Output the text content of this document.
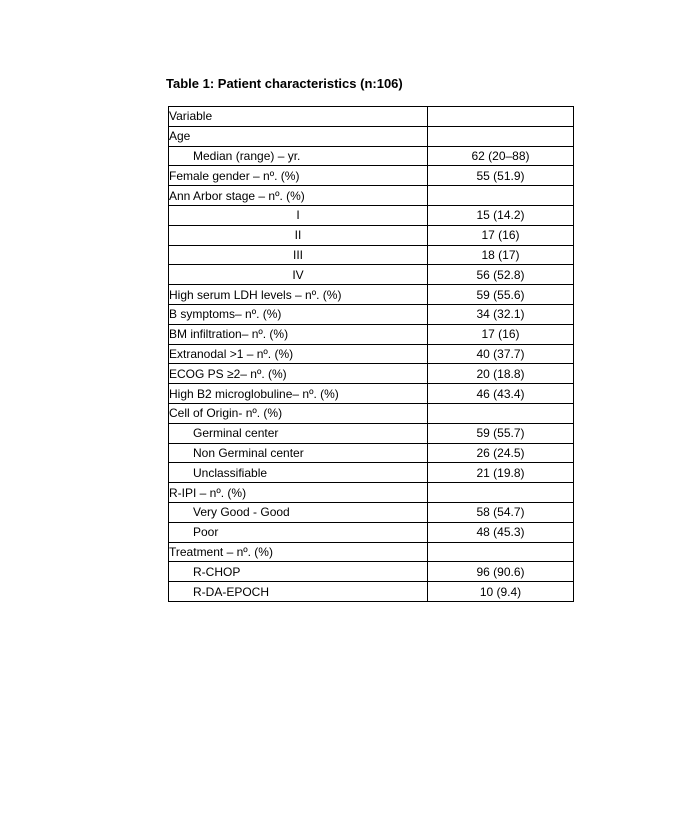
Table 1: Patient characteristics (n:106)
Variable	
Age	
Median (range) – yr.	62 (20–88)
Female gender – nº. (%)	55 (51.9)
Ann Arbor stage – nº. (%)	
I	15 (14.2)
II	17 (16)
III	18 (17)
IV	56 (52.8)
High serum LDH levels – nº. (%)	59 (55.6)
B symptoms– nº. (%)	34 (32.1)
BM infiltration– nº. (%)	17 (16)
Extranodal >1 – nº. (%)	40 (37.7)
ECOG PS ≥2– nº. (%)	20 (18.8)
High B2 microglobuline– nº. (%)	46 (43.4)
Cell of Origin- nº. (%)	
Germinal center	59 (55.7)
Non Germinal center	26 (24.5)
Unclassifiable	21 (19.8)
R-IPI – nº. (%)	
Very Good - Good	58 (54.7)
Poor	48 (45.3)
Treatment – nº. (%)	
R-CHOP	96 (90.6)
R-DA-EPOCH	10 (9.4)
